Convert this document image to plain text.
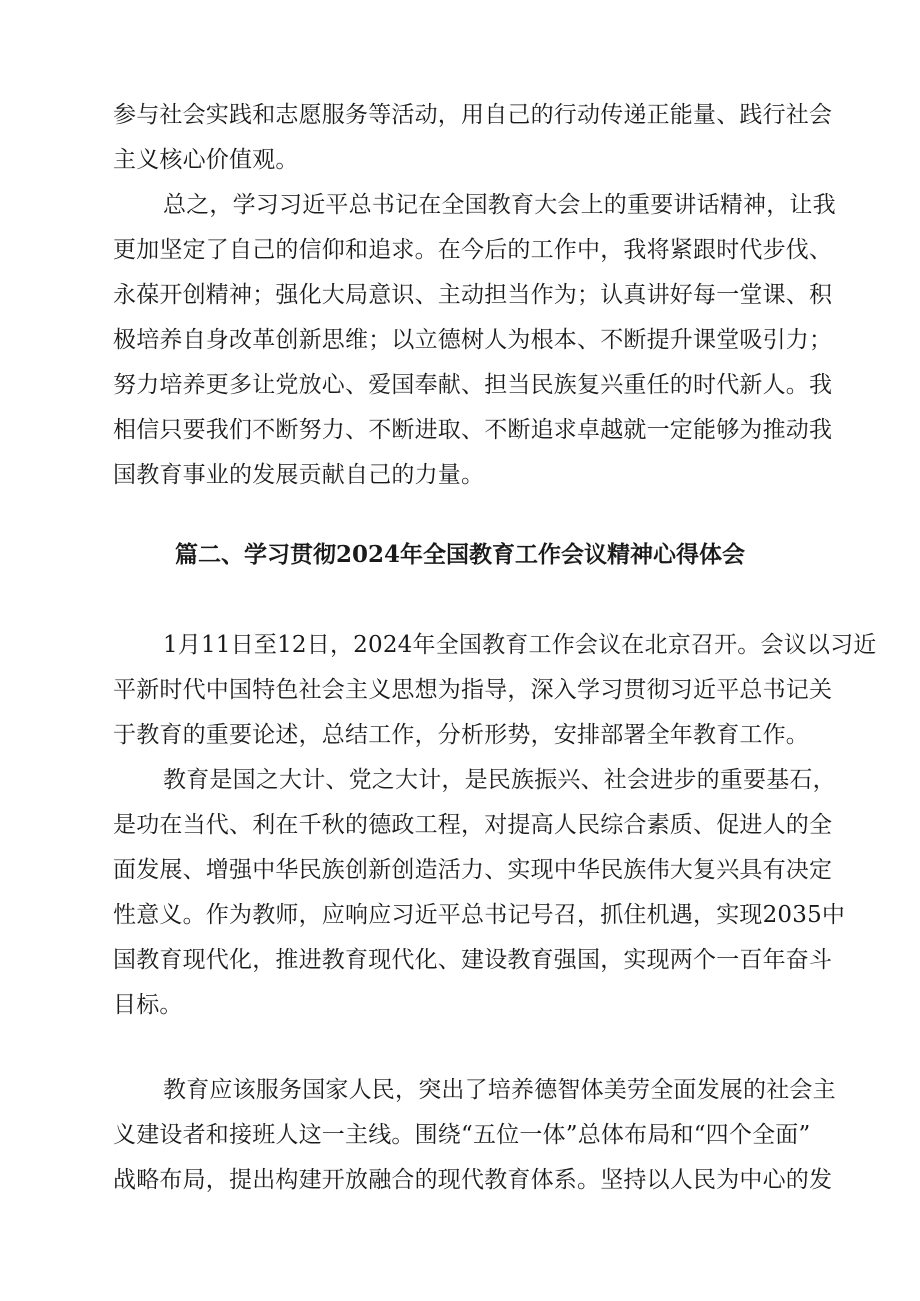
参与社会实践和志愿服务等活动，用自己的行动传递正能量、践行社会
主义核心价值观。
总之，学习习近平总书记在全国教育大会上的重要讲话精神，让我
更加坚定了自己的信仰和追求。在今后的工作中，我将紧跟时代步伐、
永葆开创精神；强化大局意识、主动担当作为；认真讲好每一堂课、积
极培养自身改革创新思维；以立德树人为根本、不断提升课堂吸引力；
努力培养更多让党放心、爱国奉献、担当民族复兴重任的时代新人。我
相信只要我们不断努力、不断进取、不断追求卓越就一定能够为推动我
国教育事业的发展贡献自己的力量。
篇二、学习贯彻2024年全国教育工作会议精神心得体会
1月11日至12日，2024年全国教育工作会议在北京召开。会议以习近
平新时代中国特色社会主义思想为指导，深入学习贯彻习近平总书记关
于教育的重要论述，总结工作，分析形势，安排部署全年教育工作。
教育是国之大计、党之大计，是民族振兴、社会进步的重要基石，
是功在当代、利在千秋的德政工程，对提高人民综合素质、促进人的全
面发展、增强中华民族创新创造活力、实现中华民族伟大复兴具有决定
性意义。作为教师，应响应习近平总书记号召，抓住机遇，实现2035中
国教育现代化，推进教育现代化、建设教育强国，实现两个一百年奋斗
目标。
教育应该服务国家人民，突出了培养德智体美劳全面发展的社会主
义建设者和接班人这一主线。围绕“五位一体”总体布局和“四个全面”
战略布局，提出构建开放融合的现代教育体系。坚持以人民为中心的发
